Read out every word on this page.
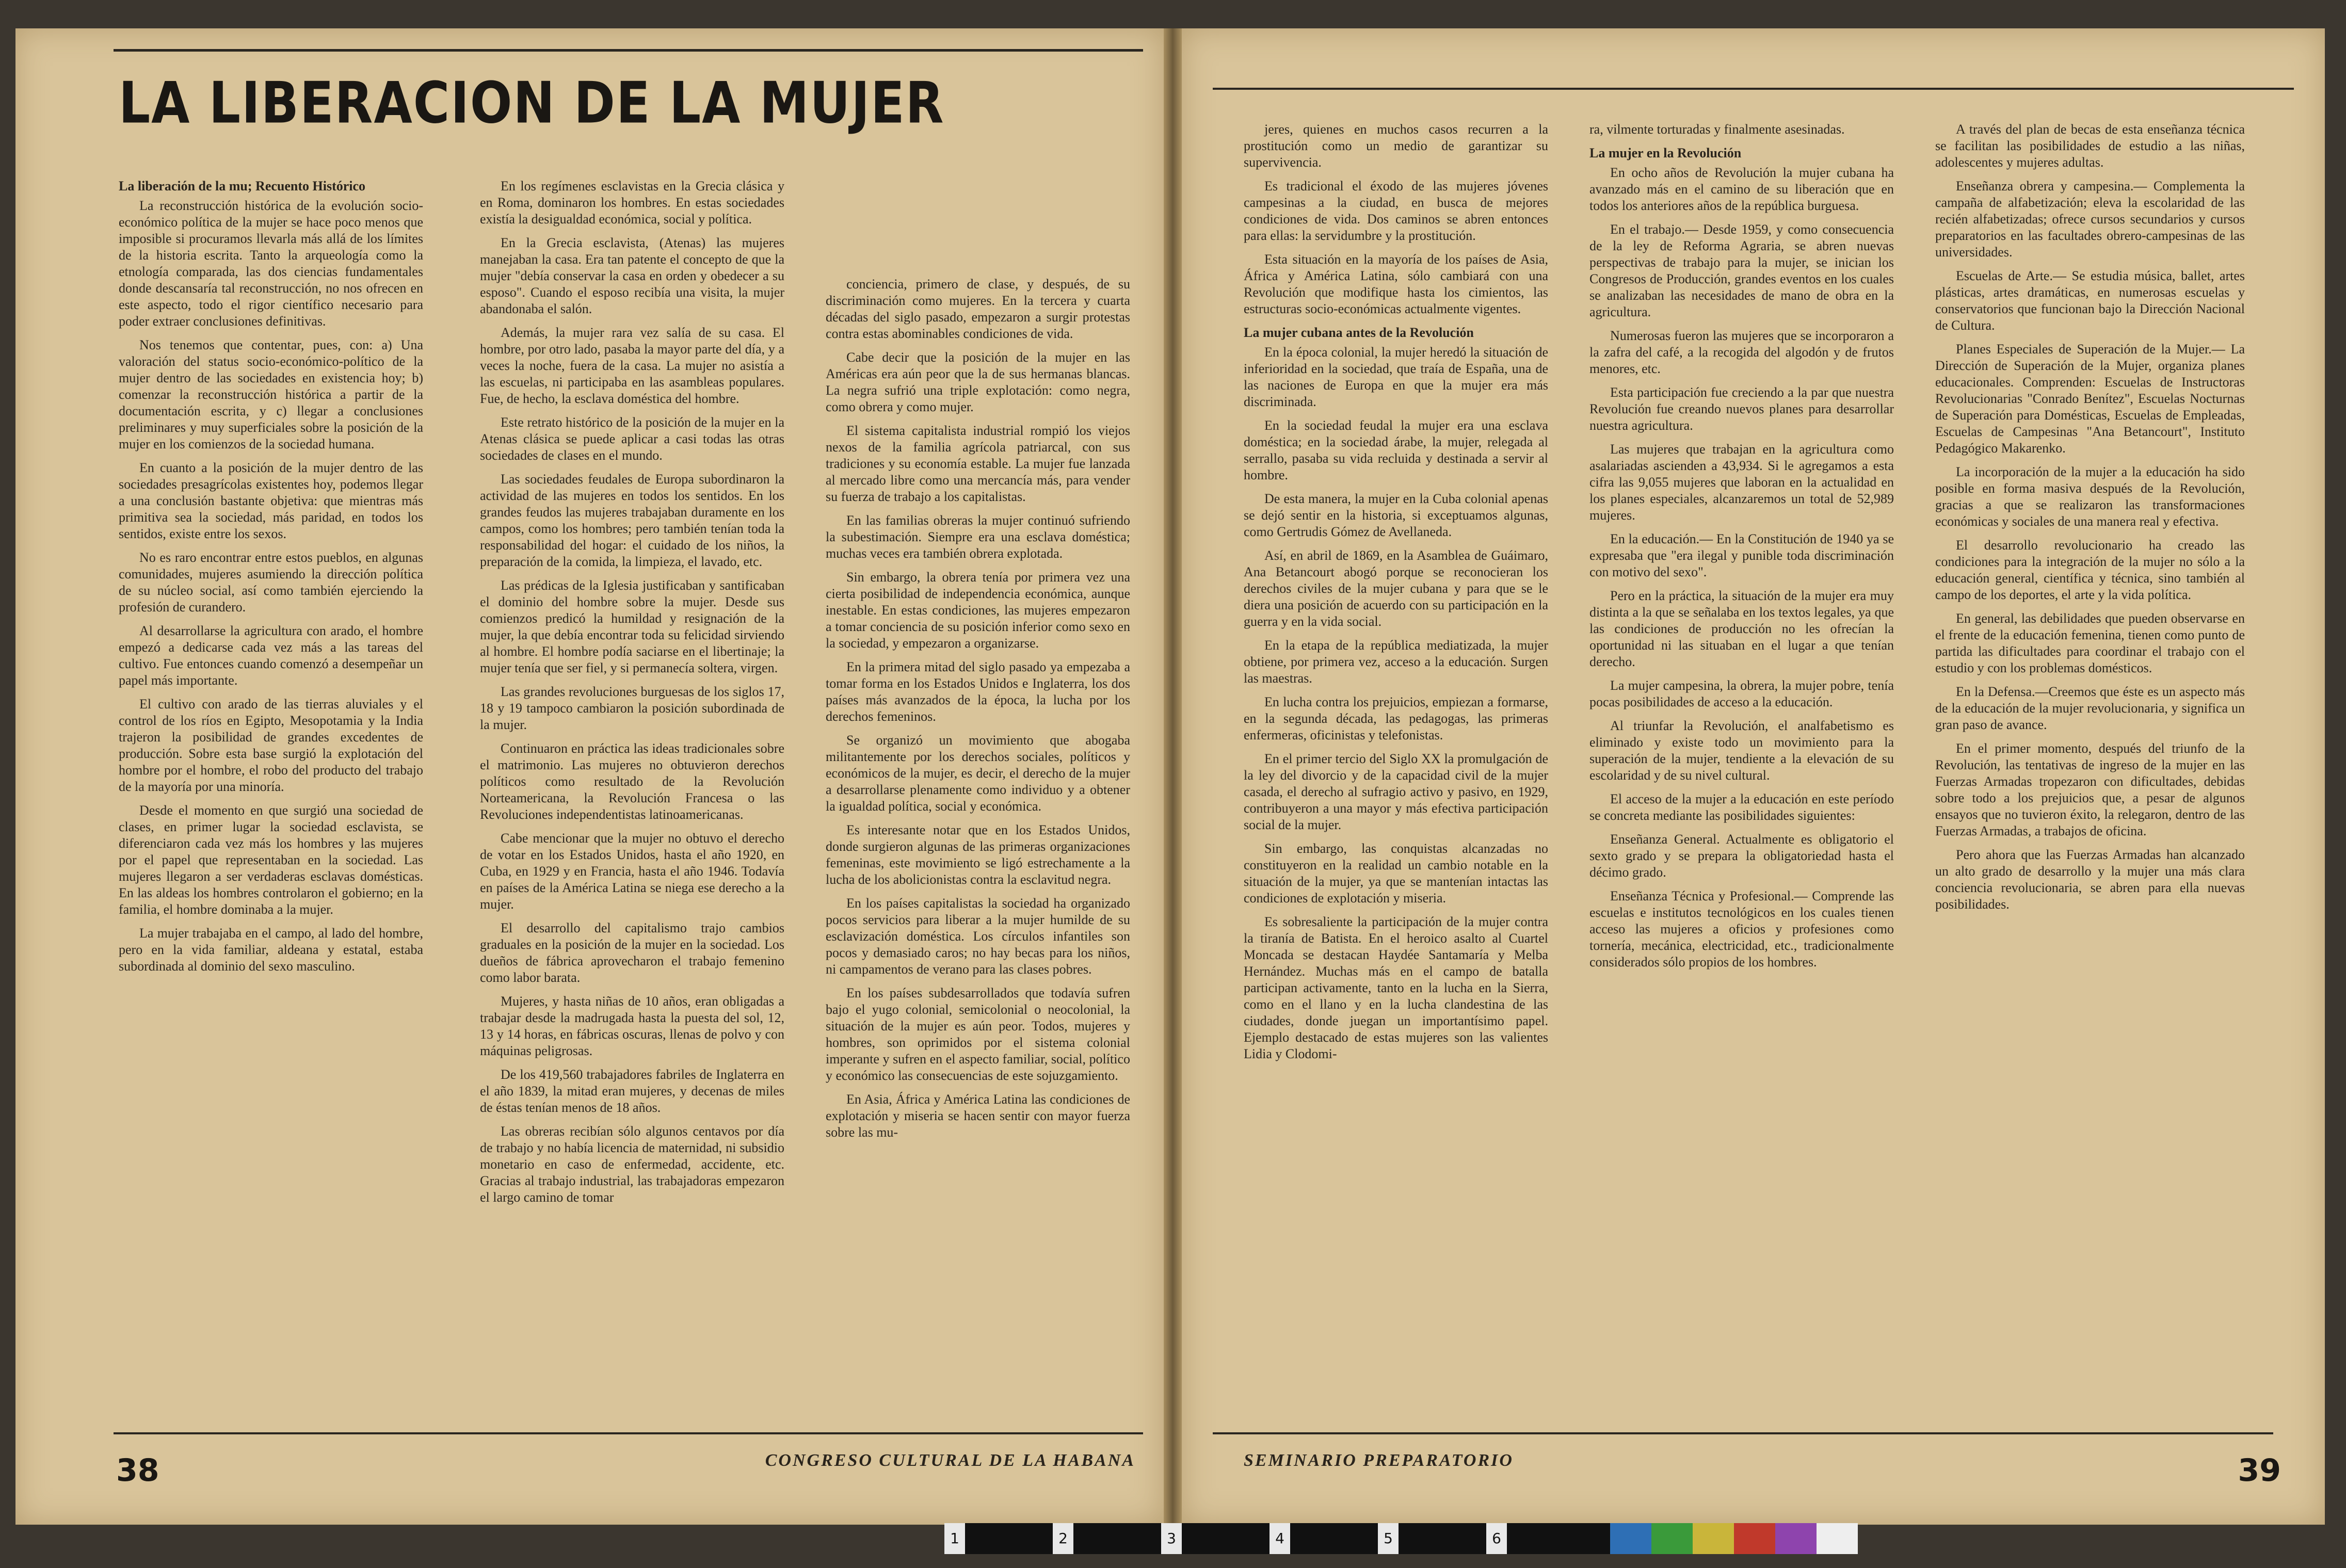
LA LIBERACION DE LA MUJER
La liberación de la mu; Recuento Histórico

La reconstrucción histórica de la evolución socio-económico política de la mujer se hace poco menos que imposible si procuramos llevarla más allá de los límites de la historia escrita. Tanto la arqueología como la etnología comparada, las dos ciencias fundamentales donde descansaría tal reconstrucción, no nos ofrecen en este aspecto, todo el rigor científico necesario para poder extraer conclusiones definitivas.

Nos tenemos que contentar, pues, con: a) Una valoración del status socio-económico-político de la mujer dentro de las sociedades en existencia hoy; b) comenzar la reconstrucción histórica a partir de la documentación escrita, y c) llegar a conclusiones preliminares y muy superficiales sobre la posición de la mujer en los comienzos de la sociedad humana.

En cuanto a la posición de la mujer dentro de las sociedades presagrícolas existentes hoy, podemos llegar a una conclusión bastante objetiva: que mientras más primitiva sea la sociedad, más paridad, en todos los sentidos, existe entre los sexos.

No es raro encontrar entre estos pueblos, en algunas comunidades, mujeres asumiendo la dirección política de su núcleo social, así como también ejerciendo la profesión de curandero.

Al desarrollarse la agricultura con arado, el hombre empezó a dedicarse cada vez más a las tareas del cultivo. Fue entonces cuando comenzó a desempeñar un papel más importante.

El cultivo con arado de las tierras aluviales y el control de los ríos en Egipto, Mesopotamia y la India trajeron la posibilidad de grandes excedentes de producción. Sobre esta base surgió la explotación del hombre por el hombre, el robo del producto del trabajo de la mayoría por una minoría.

Desde el momento en que surgió una sociedad de clases, en primer lugar la sociedad esclavista, se diferenciaron cada vez más los hombres y las mujeres por el papel que representaban en la sociedad. Las mujeres llegaron a ser verdaderas esclavas domésticas. En las aldeas los hombres controlaron el gobierno; en la familia, el hombre dominaba a la mujer.

La mujer trabajaba en el campo, al lado del hombre, pero en la vida familiar, aldeana y estatal, estaba subordinada al dominio del sexo masculino.

En los regímenes esclavistas en la Grecia clásica y en Roma, dominaron los hombres. En estas sociedades existía la desigualdad económica, social y política.

En la Grecia esclavista, (Atenas) las mujeres manejaban la casa. Era tan patente el concepto de que la mujer "debía conservar la casa en orden y obedecer a su esposo". Cuando el esposo recibía una visita, la mujer abandonaba el salón.

Además, la mujer rara vez salía de su casa. El hombre, por otro lado, pasaba la mayor parte del día, y a veces la noche, fuera de la casa. La mujer no asistía a las escuelas, ni participaba en las asambleas populares. Fue, de hecho, la esclava doméstica del hombre.

Este retrato histórico de la posición de la mujer en la Atenas clásica se puede aplicar a casi todas las otras sociedades de clases en el mundo.

Las sociedades feudales de Europa subordinaron la actividad de las mujeres en todos los sentidos. En los grandes feudos las mujeres trabajaban duramente en los campos, como los hombres; pero también tenían toda la responsabilidad del hogar: el cuidado de los niños, la preparación de la comida, la limpieza, el lavado, etc.

Las prédicas de la Iglesia justificaban y santificaban el dominio del hombre sobre la mujer. Desde sus comienzos predicó la humildad y resignación de la mujer, la que debía encontrar toda su felicidad sirviendo al hombre. El hombre podía saciarse en el libertinaje; la mujer tenía que ser fiel, y si permanecía soltera, virgen.

Las grandes revoluciones burguesas de los siglos 17, 18 y 19 tampoco cambiaron la posición subordinada de la mujer.

Continuaron en práctica las ideas tradicionales sobre el matrimonio. Las mujeres no obtuvieron derechos políticos como resultado de la Revolución Norteamericana, la Revolución Francesa o las Revoluciones independentistas latinoamericanas.

Cabe mencionar que la mujer no obtuvo el derecho de votar en los Estados Unidos, hasta el año 1920, en Cuba, en 1929 y en Francia, hasta el año 1946. Todavía en países de la América Latina se niega ese derecho a la mujer.

El desarrollo del capitalismo trajo cambios graduales en la posición de la mujer en la sociedad. Los dueños de fábrica aprovecharon el trabajo femenino como labor barata.

Mujeres, y hasta niñas de 10 años, eran obligadas a trabajar desde la madrugada hasta la puesta del sol, 12, 13 y 14 horas, en fábricas oscuras, llenas de polvo y con máquinas peligrosas.

De los 419,560 trabajadores fabriles de Inglaterra en el año 1839, la mitad eran mujeres, y decenas de miles de éstas tenían menos de 18 años.

Las obreras recibían sólo algunos centavos por día de trabajo y no había licencia de maternidad, ni subsidio monetario en caso de enfermedad, accidente, etc. Gracias al trabajo industrial, las trabajadoras empezaron el largo camino de tomar

conciencia, primero de clase, y después, de su discriminación como mujeres. En la tercera y cuarta décadas del siglo pasado, empezaron a surgir protestas contra estas abominables condiciones de vida.

Cabe decir que la posición de la mujer en las Américas era aún peor que la de sus hermanas blancas. La negra sufrió una triple explotación: como negra, como obrera y como mujer.

El sistema capitalista industrial rompió los viejos nexos de la familia agrícola patriarcal, con sus tradiciones y su economía estable. La mujer fue lanzada al mercado libre como una mercancía más, para vender su fuerza de trabajo a los capitalistas.

En las familias obreras la mujer continuó sufriendo la subestimación. Siempre era una esclava doméstica; muchas veces era también obrera explotada.

Sin embargo, la obrera tenía por primera vez una cierta posibilidad de independencia económica, aunque inestable. En estas condiciones, las mujeres empezaron a tomar conciencia de su posición inferior como sexo en la sociedad, y empezaron a organizarse.

En la primera mitad del siglo pasado ya empezaba a tomar forma en los Estados Unidos e Inglaterra, los dos países más avanzados de la época, la lucha por los derechos femeninos.

Se organizó un movimiento que abogaba militantemente por los derechos sociales, políticos y económicos de la mujer, es decir, el derecho de la mujer a desarrollarse plenamente como individuo y a obtener la igualdad política, social y económica.

Es interesante notar que en los Estados Unidos, donde surgieron algunas de las primeras organizaciones femeninas, este movimiento se ligó estrechamente a la lucha de los abolicionistas contra la esclavitud negra.

En los países capitalistas la sociedad ha organizado pocos servicios para liberar a la mujer humilde de su esclavización doméstica. Los círculos infantiles son pocos y demasiado caros; no hay becas para los niños, ni campamentos de verano para las clases pobres.

En los países subdesarrollados que todavía sufren bajo el yugo colonial, semicolonial o neocolonial, la situación de la mujer es aún peor. Todos, mujeres y hombres, son oprimidos por el sistema colonial imperante y sufren en el aspecto familiar, social, político y económico las consecuencias de este sojuzgamiento.

En Asia, África y América Latina las condiciones de explotación y miseria se hacen sentir con mayor fuerza sobre las mu-

38	CONGRESO CULTURAL DE LA HABANA

jeres, quienes en muchos casos recurren a la prostitución como un medio de garantizar su supervivencia.

Es tradicional el éxodo de las mujeres jóvenes campesinas a la ciudad, en busca de mejores condiciones de vida. Dos caminos se abren entonces para ellas: la servidumbre y la prostitución.

Esta situación en la mayoría de los países de Asia, África y América Latina, sólo cambiará con una Revolución que modifique hasta los cimientos, las estructuras socio-económicas actualmente vigentes.

La mujer cubana antes de la Revolución

En la época colonial, la mujer heredó la situación de inferioridad en la sociedad, que traía de España, una de las naciones de Europa en que la mujer era más discriminada.

En la sociedad feudal la mujer era una esclava doméstica; en la sociedad árabe, la mujer, relegada al serrallo, pasaba su vida recluida y destinada a servir al hombre.

De esta manera, la mujer en la Cuba colonial apenas se dejó sentir en la historia, si exceptuamos algunas, como Gertrudis Gómez de Avellaneda.

Así, en abril de 1869, en la Asamblea de Guáimaro, Ana Betancourt abogó porque se reconocieran los derechos civiles de la mujer cubana y para que se le diera una posición de acuerdo con su participación en la guerra y en la vida social.

En la etapa de la república mediatizada, la mujer obtiene, por primera vez, acceso a la educación. Surgen las maestras.

En lucha contra los prejuicios, empiezan a formarse, en la segunda década, las pedagogas, las primeras enfermeras, oficinistas y telefonistas.

En el primer tercio del Siglo XX la promulgación de la ley del divorcio y de la capacidad civil de la mujer casada, el derecho al sufragio activo y pasivo, en 1929, contribuyeron a una mayor y más efectiva participación social de la mujer.

Sin embargo, las conquistas alcanzadas no constituyeron en la realidad un cambio notable en la situación de la mujer, ya que se mantenían intactas las condiciones de explotación y miseria.

Es sobresaliente la participación de la mujer contra la tiranía de Batista. En el heroico asalto al Cuartel Moncada se destacan Haydée Santamaría y Melba Hernández. Muchas más en el campo de batalla participan activamente, tanto en la lucha en la Sierra, como en el llano y en la lucha clandestina de las ciudades, donde juegan un importantísimo papel. Ejemplo destacado de estas mujeres son las valientes Lidia y Clodomi-

ra, vilmente torturadas y finalmente asesinadas.

La mujer en la Revolución

En ocho años de Revolución la mujer cubana ha avanzado más en el camino de su liberación que en todos los anteriores años de la república burguesa.

En el trabajo.— Desde 1959, y como consecuencia de la ley de Reforma Agraria, se abren nuevas perspectivas de trabajo para la mujer, se inician los Congresos de Producción, grandes eventos en los cuales se analizaban las necesidades de mano de obra en la agricultura.

Numerosas fueron las mujeres que se incorporaron a la zafra del café, a la recogida del algodón y de frutos menores, etc.

Esta participación fue creciendo a la par que nuestra Revolución fue creando nuevos planes para desarrollar nuestra agricultura.

Las mujeres que trabajan en la agricultura como asalariadas ascienden a 43,934. Si le agregamos a esta cifra las 9,055 mujeres que laboran en la actualidad en los planes especiales, alcanzaremos un total de 52,989 mujeres.

En la educación.— En la Constitución de 1940 ya se expresaba que "era ilegal y punible toda discriminación con motivo del sexo".

Pero en la práctica, la situación de la mujer era muy distinta a la que se señalaba en los textos legales, ya que las condiciones de producción no les ofrecían la oportunidad ni las situaban en el lugar a que tenían derecho.

La mujer campesina, la obrera, la mujer pobre, tenía pocas posibilidades de acceso a la educación.

Al triunfar la Revolución, el analfabetismo es eliminado y existe todo un movimiento para la superación de la mujer, tendiente a la elevación de su escolaridad y de su nivel cultural.

El acceso de la mujer a la educación en este período se concreta mediante las posibilidades siguientes:

Enseñanza General. Actualmente es obligatorio el sexto grado y se prepara la obligatoriedad hasta el décimo grado.

Enseñanza Técnica y Profesional.— Comprende las escuelas e institutos tecnológicos en los cuales tienen acceso las mujeres a oficios y profesiones como tornería, mecánica, electricidad, etc., tradicionalmente considerados sólo propios de los hombres.

A través del plan de becas de esta enseñanza técnica se facilitan las posibilidades de estudio a las niñas, adolescentes y mujeres adultas.

Enseñanza obrera y campesina.— Complementa la campaña de alfabetización; eleva la escolaridad de las recién alfabetizadas; ofrece cursos secundarios y cursos preparatorios en las facultades obrero-campesinas de las universidades.

Escuelas de Arte.— Se estudia música, ballet, artes plásticas, artes dramáticas, en numerosas escuelas y conservatorios que funcionan bajo la Dirección Nacional de Cultura.

Planes Especiales de Superación de la Mujer.— La Dirección de Superación de la Mujer, organiza planes educacionales. Comprenden: Escuelas de Instructoras Revolucionarias "Conrado Benítez", Escuelas Nocturnas de Superación para Domésticas, Escuelas de Empleadas, Escuelas de Campesinas "Ana Betancourt", Instituto Pedagógico Makarenko.

La incorporación de la mujer a la educación ha sido posible en forma masiva después de la Revolución, gracias a que se realizaron las transformaciones económicas y sociales de una manera real y efectiva.

El desarrollo revolucionario ha creado las condiciones para la integración de la mujer no sólo a la educación general, científica y técnica, sino también al campo de los deportes, el arte y la vida política.

En general, las debilidades que pueden observarse en el frente de la educación femenina, tienen como punto de partida las dificultades para coordinar el trabajo con el estudio y con los problemas domésticos.

En la Defensa.—Creemos que éste es un aspecto más de la educación de la mujer revolucionaria, y significa un gran paso de avance.

En el primer momento, después del triunfo de la Revolución, las tentativas de ingreso de la mujer en las Fuerzas Armadas tropezaron con dificultades, debidas sobre todo a los prejuicios que, a pesar de algunos ensayos que no tuvieron éxito, la relegaron, dentro de las Fuerzas Armadas, a trabajos de oficina.

Pero ahora que las Fuerzas Armadas han alcanzado un alto grado de desarrollo y la mujer una más clara conciencia revolucionaria, se abren para ella nuevas posibilidades.

SEMINARIO PREPARATORIO	39
1	2	3	4	5	6
